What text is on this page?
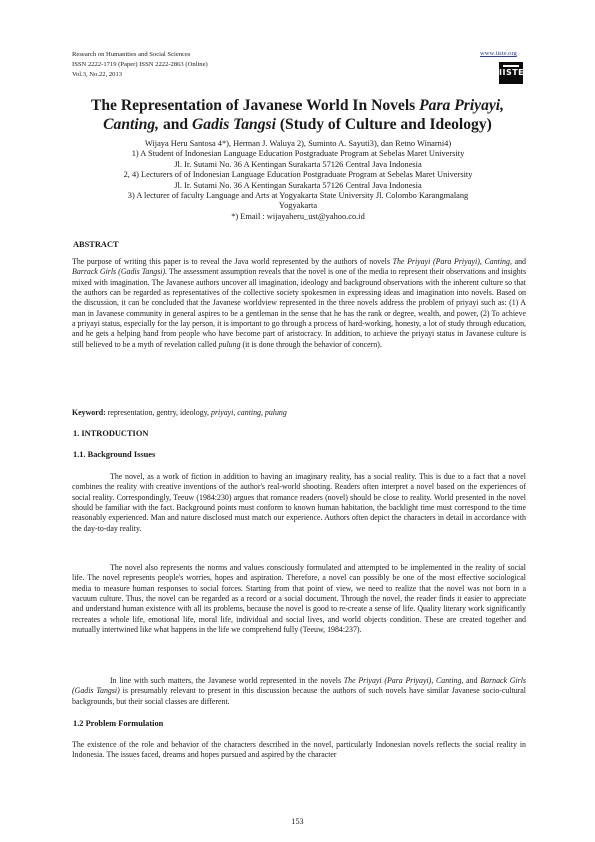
Research on Humanities and Social Sciences
ISSN 2222-1719 (Paper) ISSN 2222-2863 (Online)
Vol.3, No.22, 2013
www.iiste.org
IISTE
The Representation of Javanese World In Novels Para Priyayi,
Canting, and Gadis Tangsi (Study of Culture and Ideology)
Wijaya Heru Santosa 4*), Herman J. Waluya 2), Suminto A. Sayuti3), dan Retno Winarni4)
1) A Student of Indonesian Language Education Postgraduate Program at Sebelas Maret University
Jl. Ir. Sutami No. 36 A Kentingan Surakarta 57126 Central Java Indonesia
2, 4) Lecturers of of Indonesian Language Education Postgraduate Program at Sebelas Maret University
Jl. Ir. Sutami No. 36 A Kentingan Surakarta 57126 Central Java Indonesia
3) A lecturer of faculty Language and Arts at Yogyakarta State University Jl. Colombo Karangmalang
Yogyakarta
*) Email : wijayaheru_ust@yahoo.co.id
ABSTRACT

The purpose of writing this paper is to reveal the Java world represented by the authors of novels The Priyayi (Para Priyayi), Canting, and Barrack Girls (Gadis Tangsi). The assessment assumption reveals that the novel is one of the media to represent their observations and insights mixed with imagination. The Javanese authors uncover all imagination, ideology and background observations with the inherent culture so that the authors can be regarded as representatives of the collective society spokesmen in expressing ideas and imagination into novels. Based on the discussion, it can be concluded that the Javanese worldview represented in the three novels address the problem of priyayi such as: (1) A man in Javanese community in general aspires to be a gentleman in the sense that he has the rank or degree, wealth, and power, (2) To achieve a priyayi status, especially for the lay person, it is important to go through a process of hard-working, honesty, a lot of study through education, and he gets a helping hand from people who have become part of aristocracy. In addition, to achieve the priyayi status in Javanese culture is still believed to be a myth of revelation called pulung (it is done through the behavior of concern).

Keyword: representation, gentry, ideology, priyayi, canting, pulung

1. INTRODUCTION
1.1. Background Issues

The novel, as a work of fiction in addition to having an imaginary reality, has a social reality. This is due to a fact that a novel combines the reality with creative inventions of the author's real-world shooting. Readers often interpret a novel based on the experiences of social reality. Correspondingly, Teeuw (1984:230) argues that romance readers (novel) should be close to reality. World presented in the novel should be familiar with the fact. Background points must conform to known human habitation, the backlight time must correspond to the time reasonably experienced. Man and nature disclosed must match our experience. Authors often depict the characters in detail in accordance with the day-to-day reality.

The novel also represents the norms and values consciously formulated and attempted to be implemented in the reality of social life. The novel represents people's worries, hopes and aspiration. Therefore, a novel can possibly be one of the most effective sociological media to measure human responses to social forces. Starting from that point of view, we need to realize that the novel was not born in a vacuum culture. Thus, the novel can be regarded as a record or a social document. Through the novel, the reader finds it easier to appreciate and understand human existence with all its problems, because the novel is good to re-create a sense of life. Quality literary work significantly recreates a whole life, emotional life, moral life, individual and social lives, and world objects condition. These are created together and mutually intertwined like what happens in the life we comprehend fully (Teeuw, 1984:237).

In line with such matters, the Javanese world represented in the novels The Priyayi (Para Priyayi), Canting, and Barnack Girls (Gadis Tangsi) is presumably relevant to present in this discussion because the authors of such novels have similar Javanese socio-cultural backgrounds, but their social classes are different.

1.2 Problem Formulation

The existence of the role and behavior of the characters described in the novel, particularly Indonesian novels reflects the social reality in Indonesia. The issues faced, dreams and hopes pursued and aspired by the character

153
